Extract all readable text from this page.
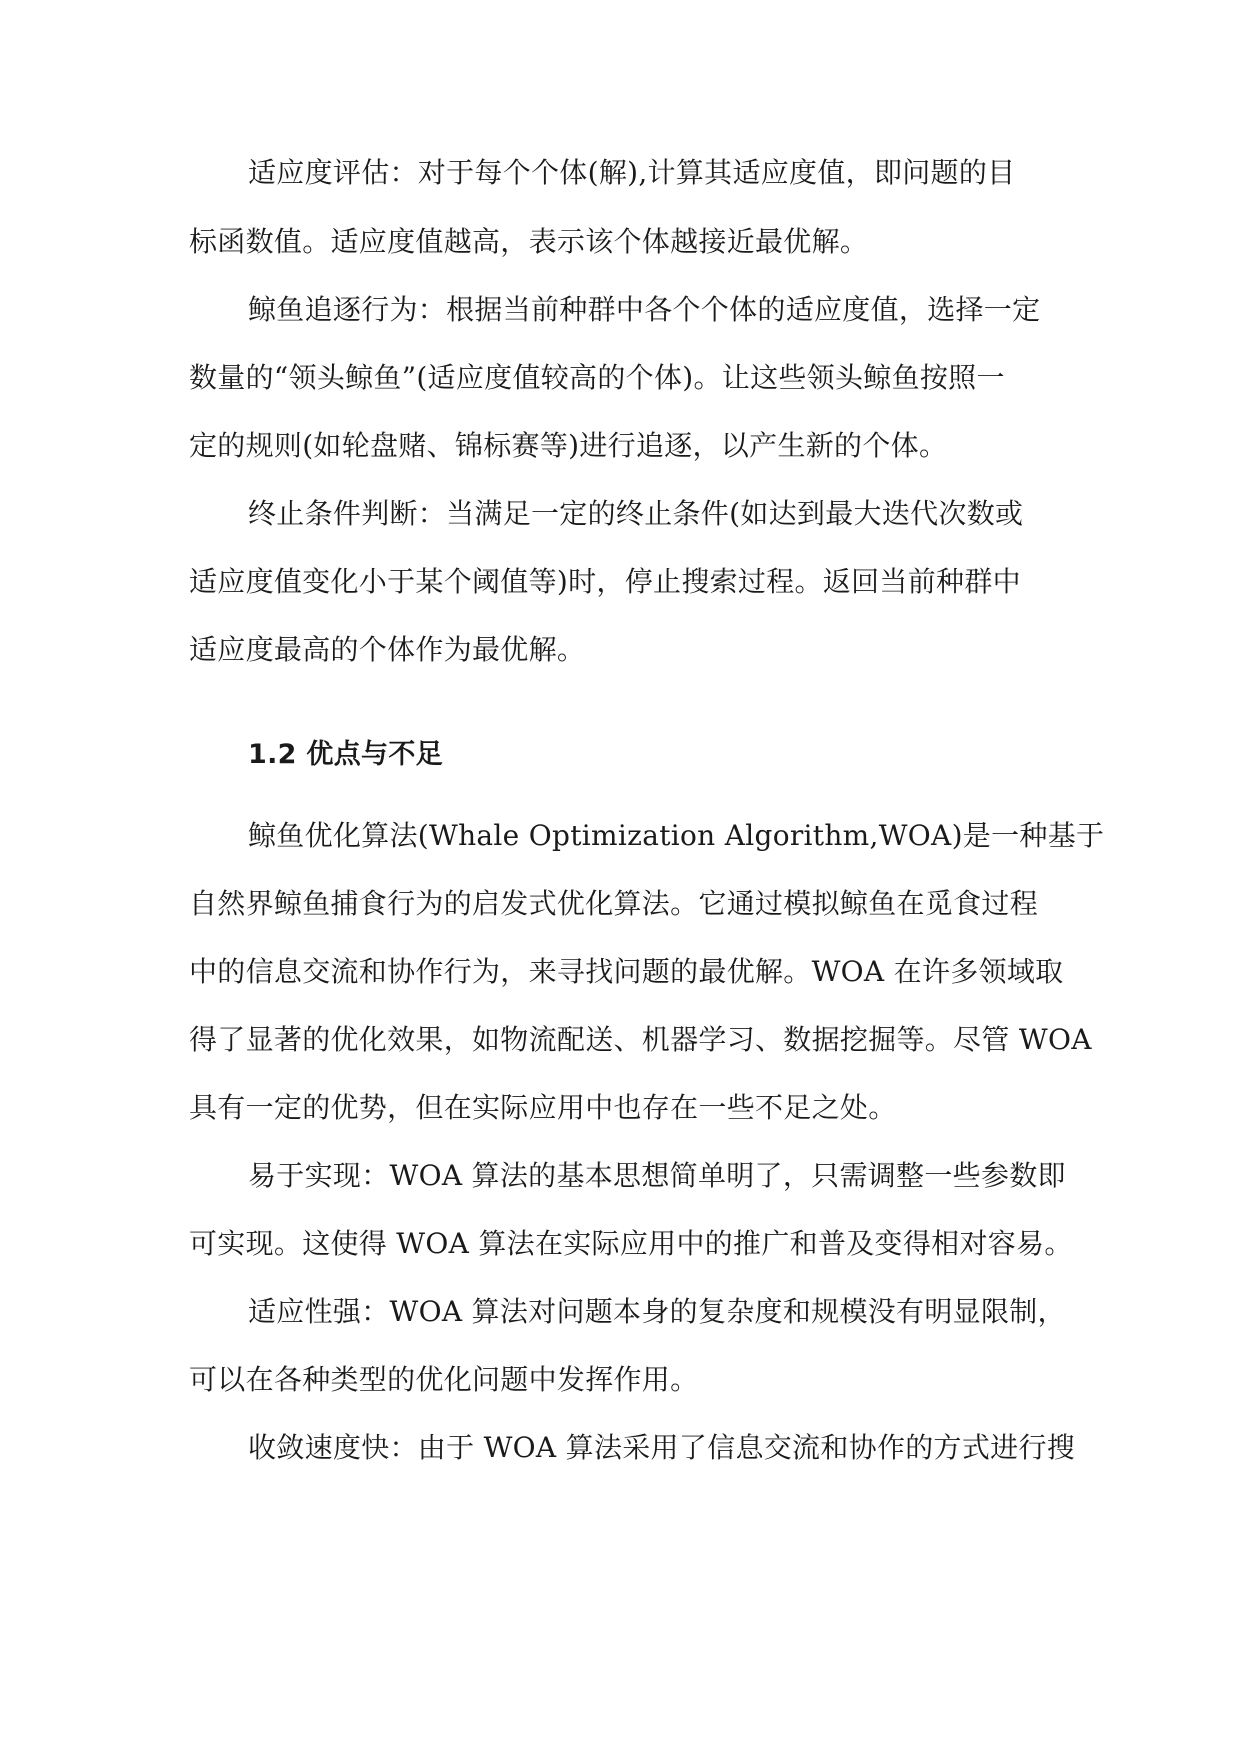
适应度评估：对于每个个体(解),计算其适应度值，即问题的目
标函数值。适应度值越高，表示该个体越接近最优解。
鲸鱼追逐行为：根据当前种群中各个个体的适应度值，选择一定
数量的“领头鲸鱼”(适应度值较高的个体)。让这些领头鲸鱼按照一
定的规则(如轮盘赌、锦标赛等)进行追逐，以产生新的个体。
终止条件判断：当满足一定的终止条件(如达到最大迭代次数或
适应度值变化小于某个阈值等)时，停止搜索过程。返回当前种群中
适应度最高的个体作为最优解。
1.2 优点与不足
鲸鱼优化算法(Whale Optimization Algorithm,WOA)是一种基于
自然界鲸鱼捕食行为的启发式优化算法。它通过模拟鲸鱼在觅食过程
中的信息交流和协作行为，来寻找问题的最优解。WOA 在许多领域取
得了显著的优化效果，如物流配送、机器学习、数据挖掘等。尽管 WOA
具有一定的优势，但在实际应用中也存在一些不足之处。
易于实现：WOA 算法的基本思想简单明了，只需调整一些参数即
可实现。这使得 WOA 算法在实际应用中的推广和普及变得相对容易。
适应性强：WOA 算法对问题本身的复杂度和规模没有明显限制，
可以在各种类型的优化问题中发挥作用。
收敛速度快：由于 WOA 算法采用了信息交流和协作的方式进行搜
